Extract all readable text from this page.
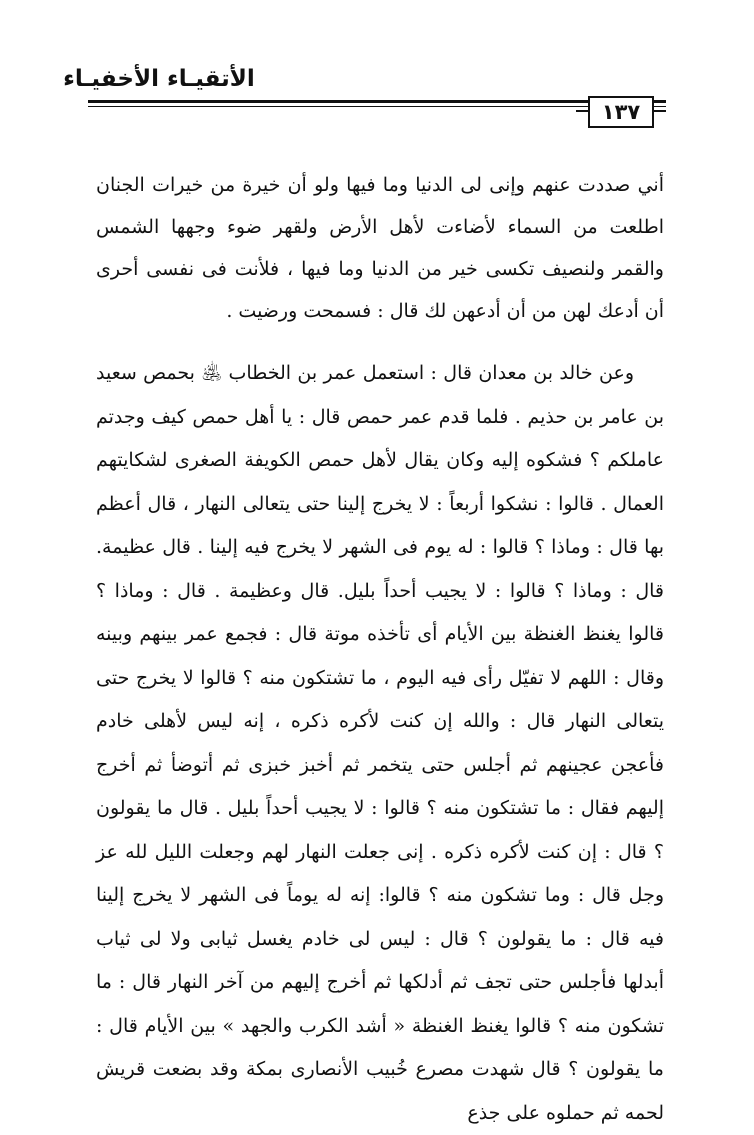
الأتقيـاء الأخفيـاء
١٣٧

أني صددت عنهم وإنى لى الدنيا وما فيها ولو أن خيرة من خيرات الجنان اطلعت من السماء لأضاءت لأهل الأرض ولقهر ضوء وجهها الشمس والقمر ولنصيف تكسى خير من الدنيا وما فيها ، فلأنت فى نفسى أحرى أن أدعك لهن من أن أدعهن لك قال : فسمحت ورضيت .

وعن خالد بن معدان قال : استعمل عمر بن الخطاب ﵁ بحمص سعيد بن عامر بن حذيم . فلما قدم عمر حمص قال : يا أهل حمص كيف وجدتم عاملكم ؟ فشكوه إليه وكان يقال لأهل حمص الكويفة الصغرى لشكايتهم العمال . قالوا : نشكوا أربعاً : لا يخرج إلينا حتى يتعالى النهار ، قال أعظم بها قال : وماذا ؟ قالوا : له يوم فى الشهر لا يخرج فيه إلينا . قال عظيمة. قال : وماذا ؟ قالوا : لا يجيب أحداً بليل. قال وعظيمة . قال : وماذا ؟ قالوا يغنظ الغنظة بين الأيام أى تأخذه موتة قال : فجمع عمر بينهم وبينه وقال : اللهم لا تفيّل رأى فيه اليوم ، ما تشتكون منه ؟ قالوا لا يخرج حتى يتعالى النهار قال : والله إن كنت لأكره ذكره ، إنه ليس لأهلى خادم فأعجن عجينهم ثم أجلس حتى يتخمر ثم أخبز خبزى ثم أتوضأ ثم أخرج إليهم فقال : ما تشتكون منه ؟ قالوا : لا يجيب أحداً بليل . قال ما يقولون ؟ قال : إن كنت لأكره ذكره . إنى جعلت النهار لهم وجعلت الليل لله عز وجل قال : وما تشكون منه ؟ قالوا: إنه له يوماً فى الشهر لا يخرج إلينا فيه قال : ما يقولون ؟ قال : ليس لى خادم يغسل ثيابى ولا لى ثياب أبدلها فأجلس حتى تجف ثم أدلكها ثم أخرج إليهم من آخر النهار قال : ما تشكون منه ؟ قالوا يغنظ الغنظة « أشد الكرب والجهد » بين الأيام قال : ما يقولون ؟ قال شهدت مصرع خُبيب الأنصارى بمكة وقد بضعت قريش لحمه ثم حملوه على جذع
